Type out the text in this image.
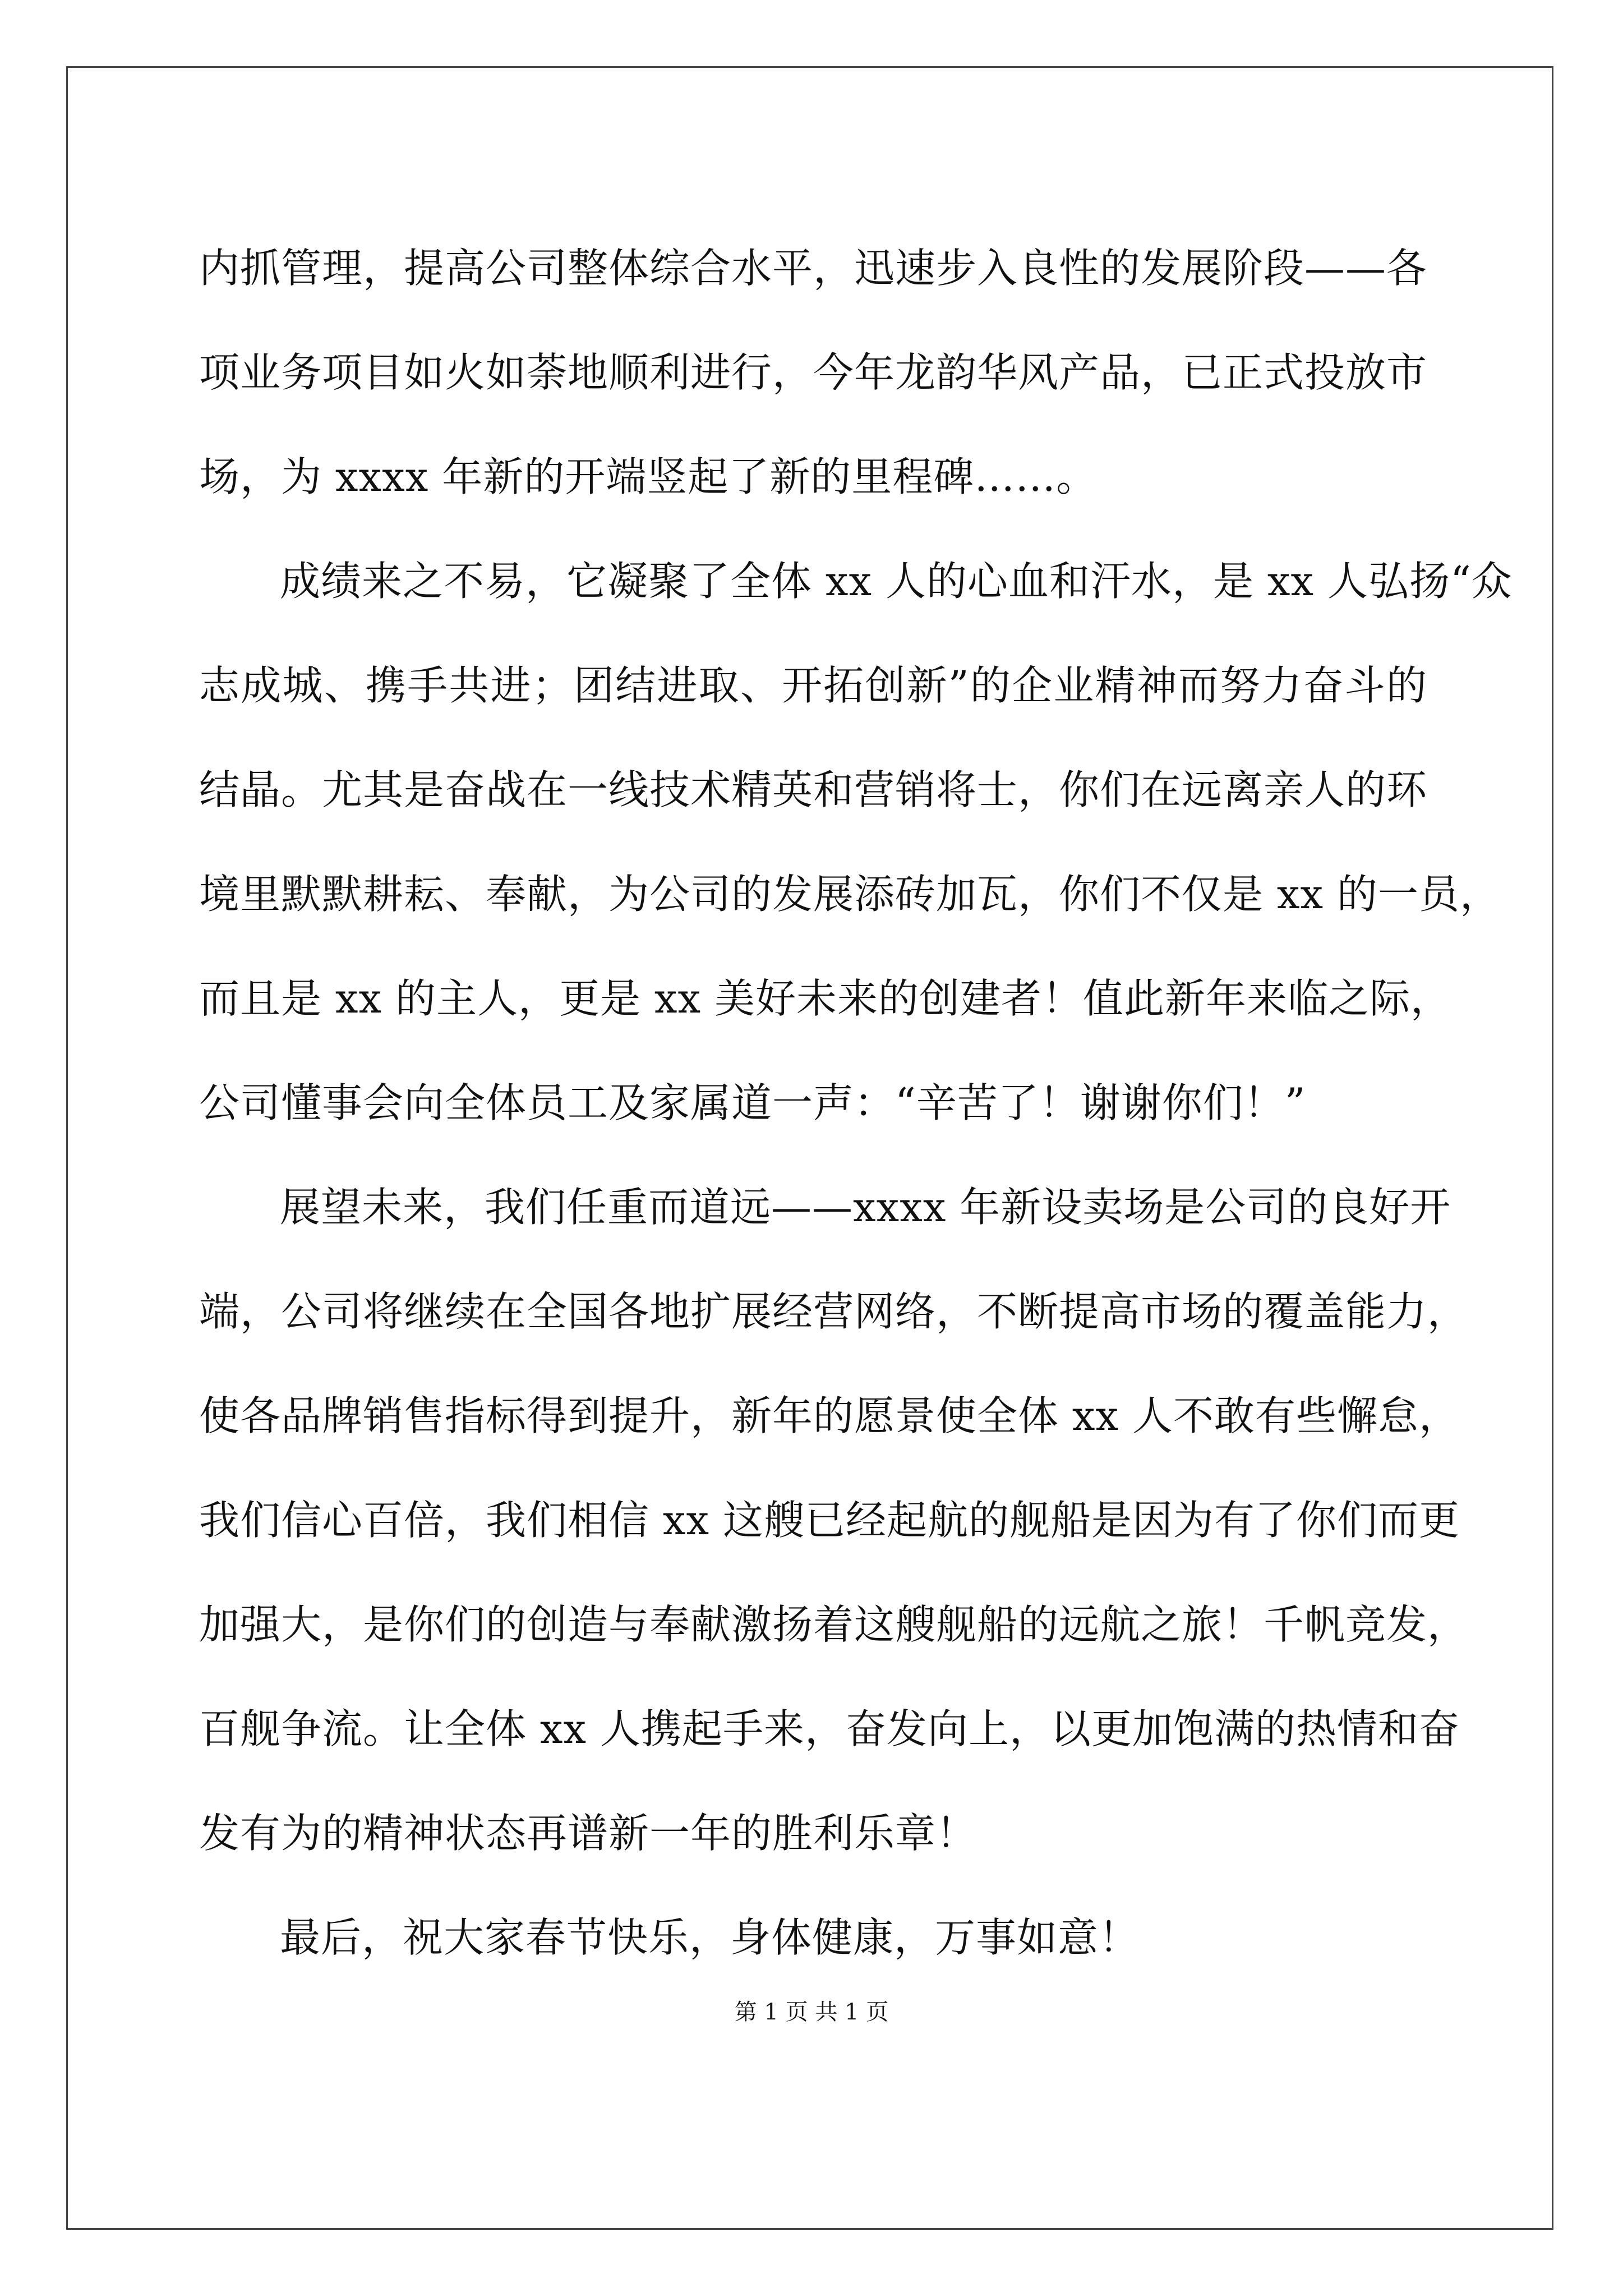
内抓管理，提高公司整体综合水平，迅速步入良性的发展阶段——各
项业务项目如火如荼地顺利进行，今年龙韵华风产品，已正式投放市
场，为 xxxx 年新的开端竖起了新的里程碑……。

成绩来之不易，它凝聚了全体 xx 人的心血和汗水，是 xx 人弘扬“众
志成城、携手共进；团结进取、开拓创新”的企业精神而努力奋斗的
结晶。尤其是奋战在一线技术精英和营销将士，你们在远离亲人的环
境里默默耕耘、奉献，为公司的发展添砖加瓦，你们不仅是 xx 的一员，
而且是 xx 的主人，更是 xx 美好未来的创建者！值此新年来临之际，
公司懂事会向全体员工及家属道一声：“辛苦了！谢谢你们！”

展望未来，我们任重而道远——xxxx 年新设卖场是公司的良好开
端，公司将继续在全国各地扩展经营网络，不断提高市场的覆盖能力，
使各品牌销售指标得到提升，新年的愿景使全体 xx 人不敢有些懈怠，
我们信心百倍，我们相信 xx 这艘已经起航的舰船是因为有了你们而更
加强大，是你们的创造与奉献激扬着这艘舰船的远航之旅！千帆竞发，
百舰争流。让全体 xx 人携起手来，奋发向上，以更加饱满的热情和奋
发有为的精神状态再谱新一年的胜利乐章！

最后，祝大家春节快乐，身体健康，万事如意！

第 1 页 共 1 页
